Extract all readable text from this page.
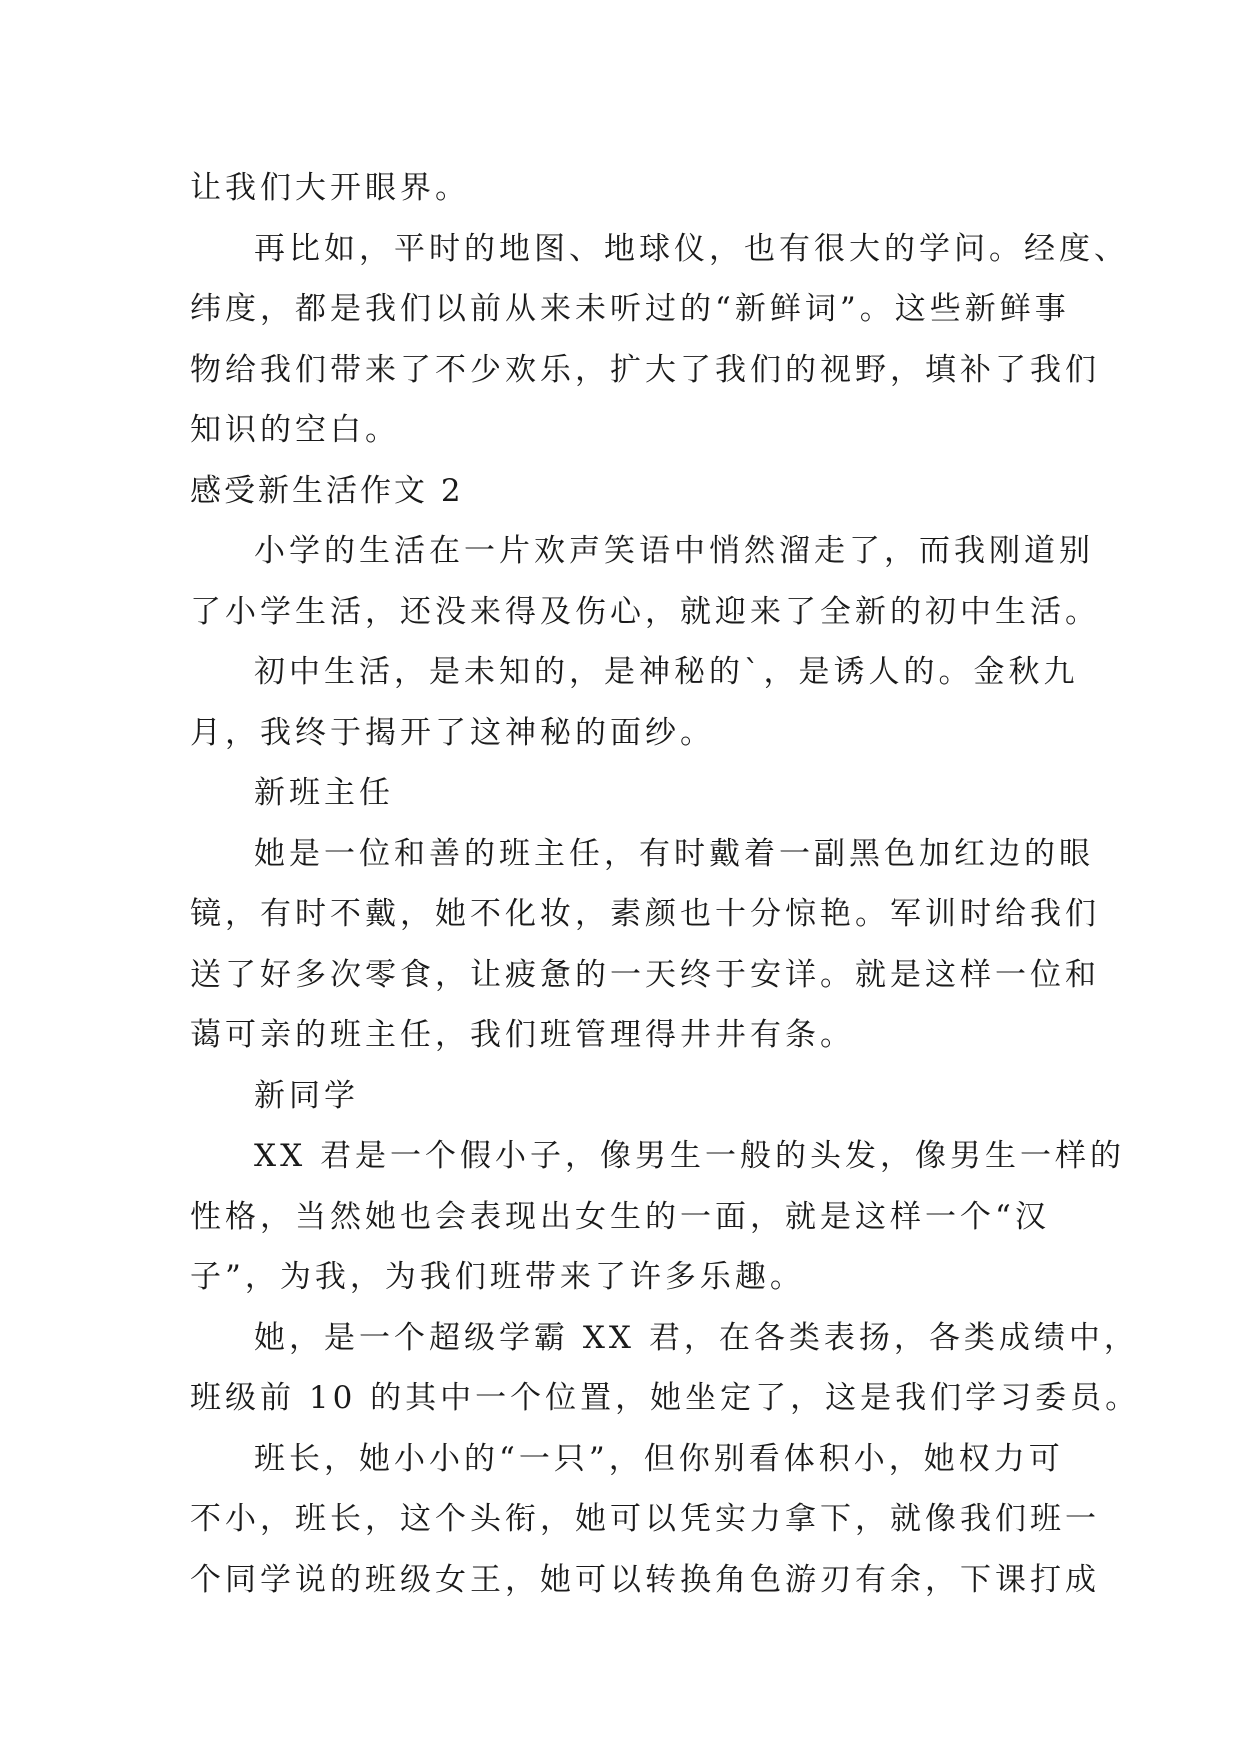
让我们大开眼界。
再比如，平时的地图、地球仪，也有很大的学问。经度、
纬度，都是我们以前从来未听过的“新鲜词”。这些新鲜事
物给我们带来了不少欢乐，扩大了我们的视野，填补了我们
知识的空白。
感受新生活作文 2
小学的生活在一片欢声笑语中悄然溜走了，而我刚道别
了小学生活，还没来得及伤心，就迎来了全新的初中生活。
初中生活，是未知的，是神秘的`，是诱人的。金秋九
月，我终于揭开了这神秘的面纱。
新班主任
她是一位和善的班主任，有时戴着一副黑色加红边的眼
镜，有时不戴，她不化妆，素颜也十分惊艳。军训时给我们
送了好多次零食，让疲惫的一天终于安详。就是这样一位和
蔼可亲的班主任，我们班管理得井井有条。
新同学
XX 君是一个假小子，像男生一般的头发，像男生一样的
性格，当然她也会表现出女生的一面，就是这样一个“汉
子”，为我，为我们班带来了许多乐趣。
她，是一个超级学霸 XX 君，在各类表扬，各类成绩中，
班级前 10 的其中一个位置，她坐定了，这是我们学习委员。
班长，她小小的“一只”，但你别看体积小，她权力可
不小，班长，这个头衔，她可以凭实力拿下，就像我们班一
个同学说的班级女王，她可以转换角色游刃有余，下课打成
